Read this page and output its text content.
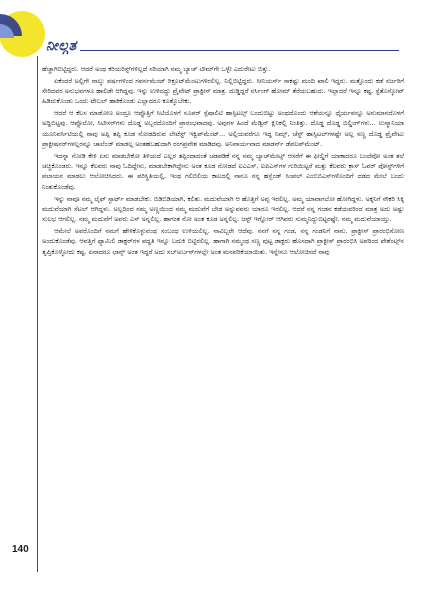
ನೀಲ್ಗತ

ಹೆಚ್ಚಾಗಿಬಿಟ್ಟಿದ್ದರು. ಆದರೆ ಅಂಥ ಕರಿಯರಿಸ್ಟ್‌ಗಳಿಲ್ಲದೆ ಸರಿಯಾಗಿ ನಮ್ಮ ಬ್ಯಾಚ್ ಟೀಮ್‌ಗೇ ಒಳ್ಳೇ ಎದುರೇಟು ಬಿತ್ತು.

ಏಕೆಂದರೆ ಅಲ್ಲಿಗೇ ನಾಲ್ಕು ವರ್ಷಗಳಿಂದ ಗವರ್ನಮೆಂಟ್ ರಿಕ್ರೂಟ್‌ಮೆಂಟುಗಳಿರಲಿಲ್ಲ. ನಿಲ್ಲಿಬಿಟ್ಟಿದ್ದರು. ಸೀನಿಯರ್ಸ್ ಸಾಕಷ್ಟು ಮಂದಿ ಖಾಲಿ ಇದ್ದರು. ಮತ್ತೊಂದು ಕಡೆ ಸರ್ಜರಿಗೆ ಸೇರಿದವರ ಅನುಭವಗಳೂ ಹಾಲಿಡೇ ಆಗಿದ್ದವು. ಇನ್ನು ಉಳಿದದ್ದು ಪ್ರೈವೇಟ್ ಪ್ರಾಕ್ಟೀಸ್ ಮಾತ್ರ. ದುಡ್ಡಿದ್ದರೆ ನರ್ಸಿಂಗ್ ಹೋಮ್ ತೆರೆಯಬಹುದು. ಇಲ್ಲಾದರೆ ಇನ್ನೂ ಕಷ್ಟ. ಸ್ಟೆತೊಸ್ಕೋಪ್ ಹಿಡಿದುಕೊಂಡು ಒಂದು ಟೇಬಲ್ ಹಾಕಿಕೊಂಡು ಎಲ್ಲಾದರೂ ಕೂತ್ಕೊಬೇಕು.

ಆದರೆ ಆ ಕೆಲಸ ಮಾಡೋಣ ಅಂದ್ರೂ ಆಪ್ಪೊತ್ತಿಗೆ ಸಿಟಿಯೊಳಗೆ ಸೂಪರ್ ಸ್ಪೆಷಾಲಿಟಿ ಹಾಸ್ಪಿಟಲ್ಸ್ ಬಂದುಬಿಟ್ಟು ಅಂಥದೊಂದು ಆಶೆಯನ್ನೂ ಧೈರ್ಯವನ್ನೂ ಅನುಮಾನದೊಳಗೆ ಅದ್ದಿಬಿಟ್ಟವು. ಆಪ್ಪೊಲೋ, ಸಿಟೀಸರ್‌ಗಳು ದೊಡ್ಡ ಅಬ್ಬರದೊಂದಿಗೆ ಪ್ರಾರಂಭವಾದವು. ಅವುಗಳ ಹಿಂದೆ ಮೆಡ್ವಿನ್ ಕ್ಲಿನಿಕಲ್ಲಿ ನಿಂತಿತ್ತು. ದೊಡ್ಡ ದೊಡ್ಡ ಬಿಲ್ಡಿಂಗ್‌ಗಳು... ಉಸ್ಮಾನಿಯಾ ಯೂನಿವರ್ಸಿಟಿಯಲ್ಲಿ ನಾವು ಅಪ್ಪಿ ತಪ್ಪಿ ಕೂಡ ನೋಡದಿರುವ ಲೇಟೆಸ್ಟ್ ಇಕ್ವಿಪ್‌ಮೆಂಟ್... ಅಲ್ಲಿಯವರೆಗೂ ಇದ್ದ ನಿಮ್ಸ್, ಚೆಸ್ಟ್ ಹಾಸ್ಪಿಟಲ್‌ಗಳಷ್ಟೇ ಅಲ್ಲ ಸಣ್ಣ ದೊಡ್ಡ ಪ್ರೈವೇಟು ಪ್ರಾಕ್ಟೀಷನರ್‌ಗಳಲ್ಲರನ್ನೂ ಚಾಲೆಂಜ್ ಮಾಡಲ್ಲ ಅಂತಹಬಹುದಾಗಿ ರಂಗಪ್ರವೇಶ ಮಾಡಿದವು. ಅನಿವಾರ್ಯವಾದ ಮಾಡರ್ನ್ ಡೆವಲಪ್‌ಮೆಂಟ್.

ಇದನ್ನಾ ನೋಡಿ ಕೇಳಿ ಏನು ಮಾಡಬೇಕೋ ತಿಳಿಯದೆ ಎಲ್ಲರ ತಪ್ಪಿಂದಾದಂತೆ ಚಡಪಡಿಕೆ ನನ್ನ ನಮ್ಮ ಬ್ಯಾಚ್‌ಮೇಟ್ಸ್ ಆಸರೆಗೆ ಈ ಫೀಲ್ಡಿಗೆ ಯಾಕಾದರೂ ಬಂದೆವೋ ಅಂತ ತಲೆ ಚಚ್ಚಿಕೊಂಡರು. ಇನ್ನೂ ಕೆಲವರು ನಾವು ಓದಿದ್ದೇನು, ಮಾಡಬೇಕಾಗಿದ್ದೇನು ಅಂತ ಕೂಡ ನೋಡದೆ ಐಎಎಸ್, ಐಪಿಎಸ್‌ಗಳ ಗುರಿಯಿಟ್ಟರೆ ಮತ್ತು ಕೆಲವರು ಕ್ರಾಸ್ ಓವರ್ ಪೋಸ್ಟ್‌ಗಳಿಗೆ ಪಲಾಯನ ಮಾಡಲು ಆಲೋಚಿಸಿದರು. ಈ ಪರಿಸ್ಥಿತಿಯಲ್ಲಿ, ಇಂಥ ಗಲಿಬಿಲಿಯ ಕಾಲದಲ್ಲಿ ನಾನೂ ನನ್ನ ಹಸ್ಬೆಂಡ್ ಸಿಂಪಲ್ ಎಂಬಿಬಿಎಸ್‌ಗಳೊಂದಿಗೆ ದಡದ ಮೇಲೆ ಬಂದು ನಿಂತುಕೊಂಡೆವು.

ಇನ್ನು ನಾವೂ ನಮ್ಮ ಲೈಫ್ ಸ್ಟಾರ್ಟ್ ಮಾಡಬೇಕು. ಬಿಡಿಬಿಡಿಯಾಗಿ, ಕಲಿತು. ಮದುವೆಯಾಗಿ ಆ ಹೊತ್ತಿಗೆ ಅಪ್ಪ ಇರಲಿಲ್ಲ. ಅಮ್ಮ ಯಾವಾಗಲೋ ಹೋಗಿದ್ದಳು. ಅಕ್ಕನಿಗೆ ನೌಕರಿ ಸಿಕ್ಕಿ ಮದುವೆಯಾಗಿ ಸೆಟಲ್ ಆಗಿದ್ದಳು. ಅಲ್ಲದಿಂದ ನಮ್ಮ ಅಣ್ಣಯಿಂದ ನಮ್ಮ ಮದುವೆಗೆ ಬೇಡ ಅನ್ನುವವರು ಯಾರೂ ಇರಲಿಲ್ಲ. ಆದರೆ ನನ್ನ ಗಂಡನ ಕಡೆಯವರಿಂದ ಮಾತ್ರ ಅದು ಅಷ್ಟು ಸುಲಭ ಆಗಲಿಲ್ಲ. ನಮ್ಮ ಮದುವೆಗೆ ಅವರು ಎಸ್ ಅನ್ನಲಿಲ್ಲ. ಹಾಗಂತ ನೋ ಅಂತ ಕೂಡ ಅನ್ನಲಿಲ್ಲ. ಜಸ್ಟ್ ಇಗ್ನೋರ್ ಆಗಿವರು ಸುಮ್ಮನಿದ್ದುಬಿಟ್ಟರಷ್ಟೇ. ನಮ್ಮ ಮದುವೆಯಾಯ್ತು.

ಆಮೇಲೆ ಅವರೊಂದಿಗೆ ನಮಗೆ ಹೇಳಿಕೊಳ್ಳುವಂಥ ಸಂಬಂಧ ಉಳಿಯಲಿಲ್ಲ. ನಾವಿಬ್ಬರೇ ಆದೆವು. ನನಗೆ ನನ್ನ ಗಂಡ, ನನ್ನ ಗಂಡನಿಗೆ ನಾನು. ಪ್ರಾಕ್ಟೀಸ್ ಪ್ರಾರಂಭಿಸೋಣ ಅಂದುಕೊಂಡೆವು. ಆವತ್ತಿಗೆ ಫ್ಯಾಮಿಲಿ ಡಾಕ್ಟರ್‌ಗಳ ಪದ್ಧತಿ ಇನ್ನೂ ಬದುಕಿ ಬಿಟ್ಟಿರಲಿಲ್ಲ. ಹಾಗಾಗಿ ನಮ್ಮಂಥ ಸಣ್ಣ ಪುಟ್ಟ ಡಾಕ್ಟರು ಹೊಸದಾಗಿ ಪ್ರಾಕ್ಟೀಸ್ ಪ್ರಾರಂಭಿಸಿ ಅವರಿಂದ ಪೇಶೆಂಟ್ಸ್‌ನ ತೃಪ್ತಿಕೊಳ್ಳೋದು ಕಷ್ಟ. ಏನಾದರೂ ಛಾನ್ಸ್ ಅಂತ ಇದ್ದರೆ ಅದು ಸಬ್‌ಅರ್ಬನ್‌ಗಳಲ್ಲೇ ಅಂತ ಮನವರಿಕೆಯಾಯಿತು. ಇನ್ನೇನೂ ಆಲೋಚಿಸದೆ ನಾವು

140
